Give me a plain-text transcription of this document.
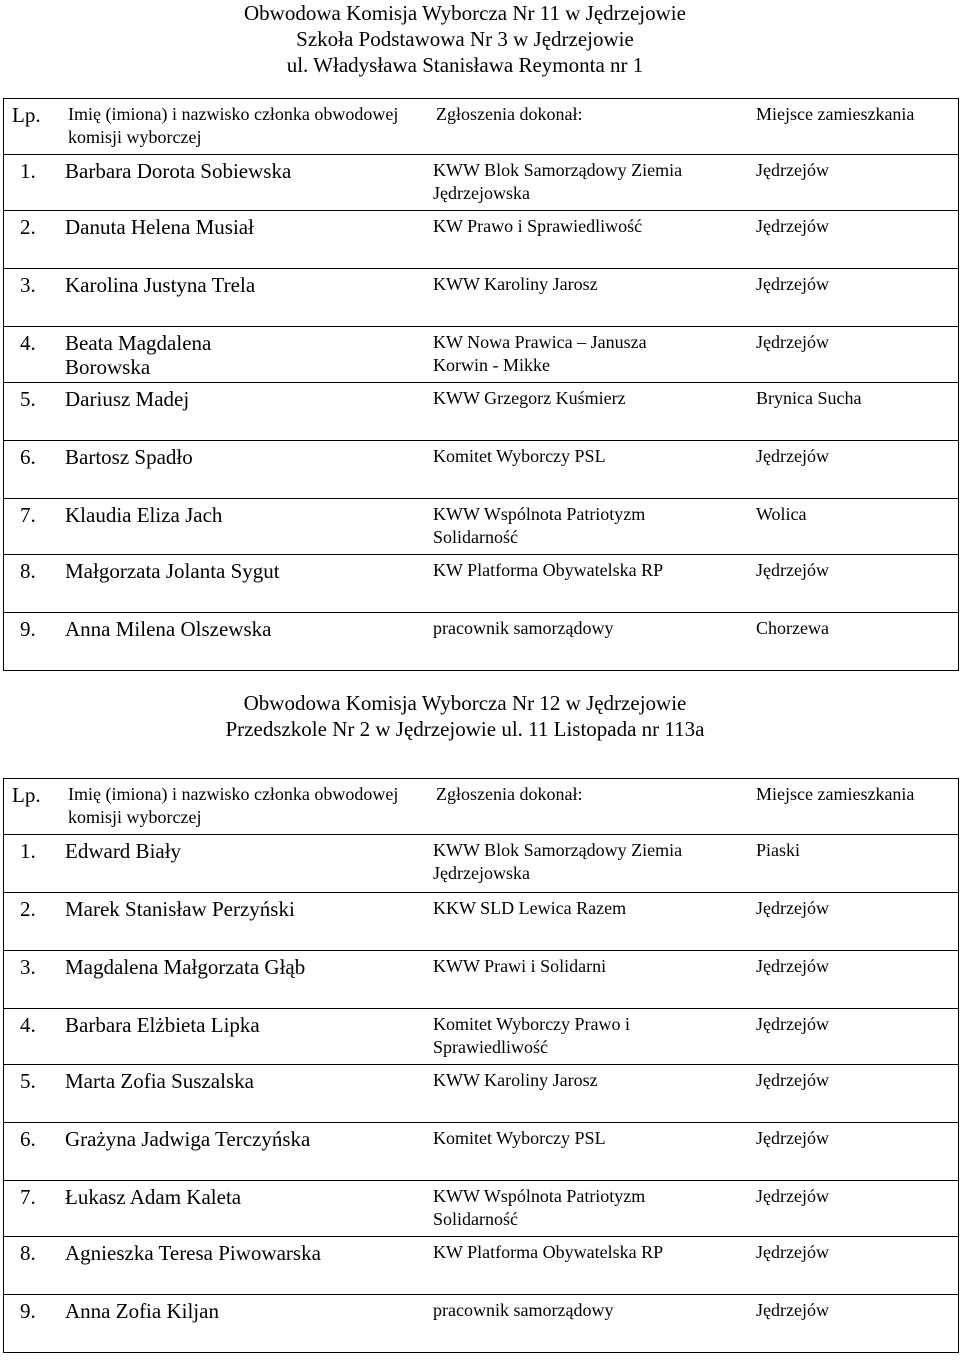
Obwodowa Komisja Wyborcza Nr 11 w Jędrzejowie
Szkoła Podstawowa Nr 3 w Jędrzejowie
ul. Władysława Stanisława Reymonta nr 1
Lp.	Imię (imiona) i nazwisko członka obwodowej komisji wyborczej	Zgłoszenia dokonał:	Miejsce zamieszkania

1.	Barbara Dorota Sobiewska	KWW Blok Samorządowy Ziemia Jędrzejowska	Jędrzejów

2.	Danuta Helena Musiał	KW Prawo i Sprawiedliwość	Jędrzejów

3.	Karolina Justyna Trela	KWW Karoliny Jarosz	Jędrzejów

4.	Beata Magdalena Borowska	KW Nowa Prawica – Janusza Korwin - Mikke	Jędrzejów

5.	Dariusz Madej	KWW Grzegorz Kuśmierz	Brynica Sucha

6.	Bartosz Spadło	Komitet Wyborczy PSL	Jędrzejów

7.	Klaudia Eliza Jach	KWW Wspólnota Patriotyzm Solidarność	Wolica

8.	Małgorzata Jolanta Sygut	KW Platforma Obywatelska RP	Jędrzejów

9.	Anna Milena Olszewska	pracownik samorządowy	Chorzewa
Obwodowa Komisja Wyborcza Nr 12 w Jędrzejowie
Przedszkole Nr 2 w Jędrzejowie ul. 11 Listopada nr 113a
Lp.	Imię (imiona) i nazwisko członka obwodowej komisji wyborczej	Zgłoszenia dokonał:	Miejsce zamieszkania

1.	Edward Biały	KWW Blok Samorządowy Ziemia Jędrzejowska	Piaski

2.	Marek Stanisław Perzyński	KKW SLD Lewica Razem	Jędrzejów

3.	Magdalena Małgorzata Głąb	KWW Prawi i Solidarni	Jędrzejów

4.	Barbara Elżbieta Lipka	Komitet Wyborczy Prawo i Sprawiedliwość	Jędrzejów

5.	Marta Zofia Suszalska	KWW Karoliny Jarosz	Jędrzejów

6.	Grażyna Jadwiga Terczyńska	Komitet Wyborczy PSL	Jędrzejów

7.	Łukasz Adam Kaleta	KWW Wspólnota Patriotyzm Solidarność	Jędrzejów

8.	Agnieszka Teresa Piwowarska	KW Platforma Obywatelska RP	Jędrzejów

9.	Anna Zofia Kiljan	pracownik samorządowy	Jędrzejów
